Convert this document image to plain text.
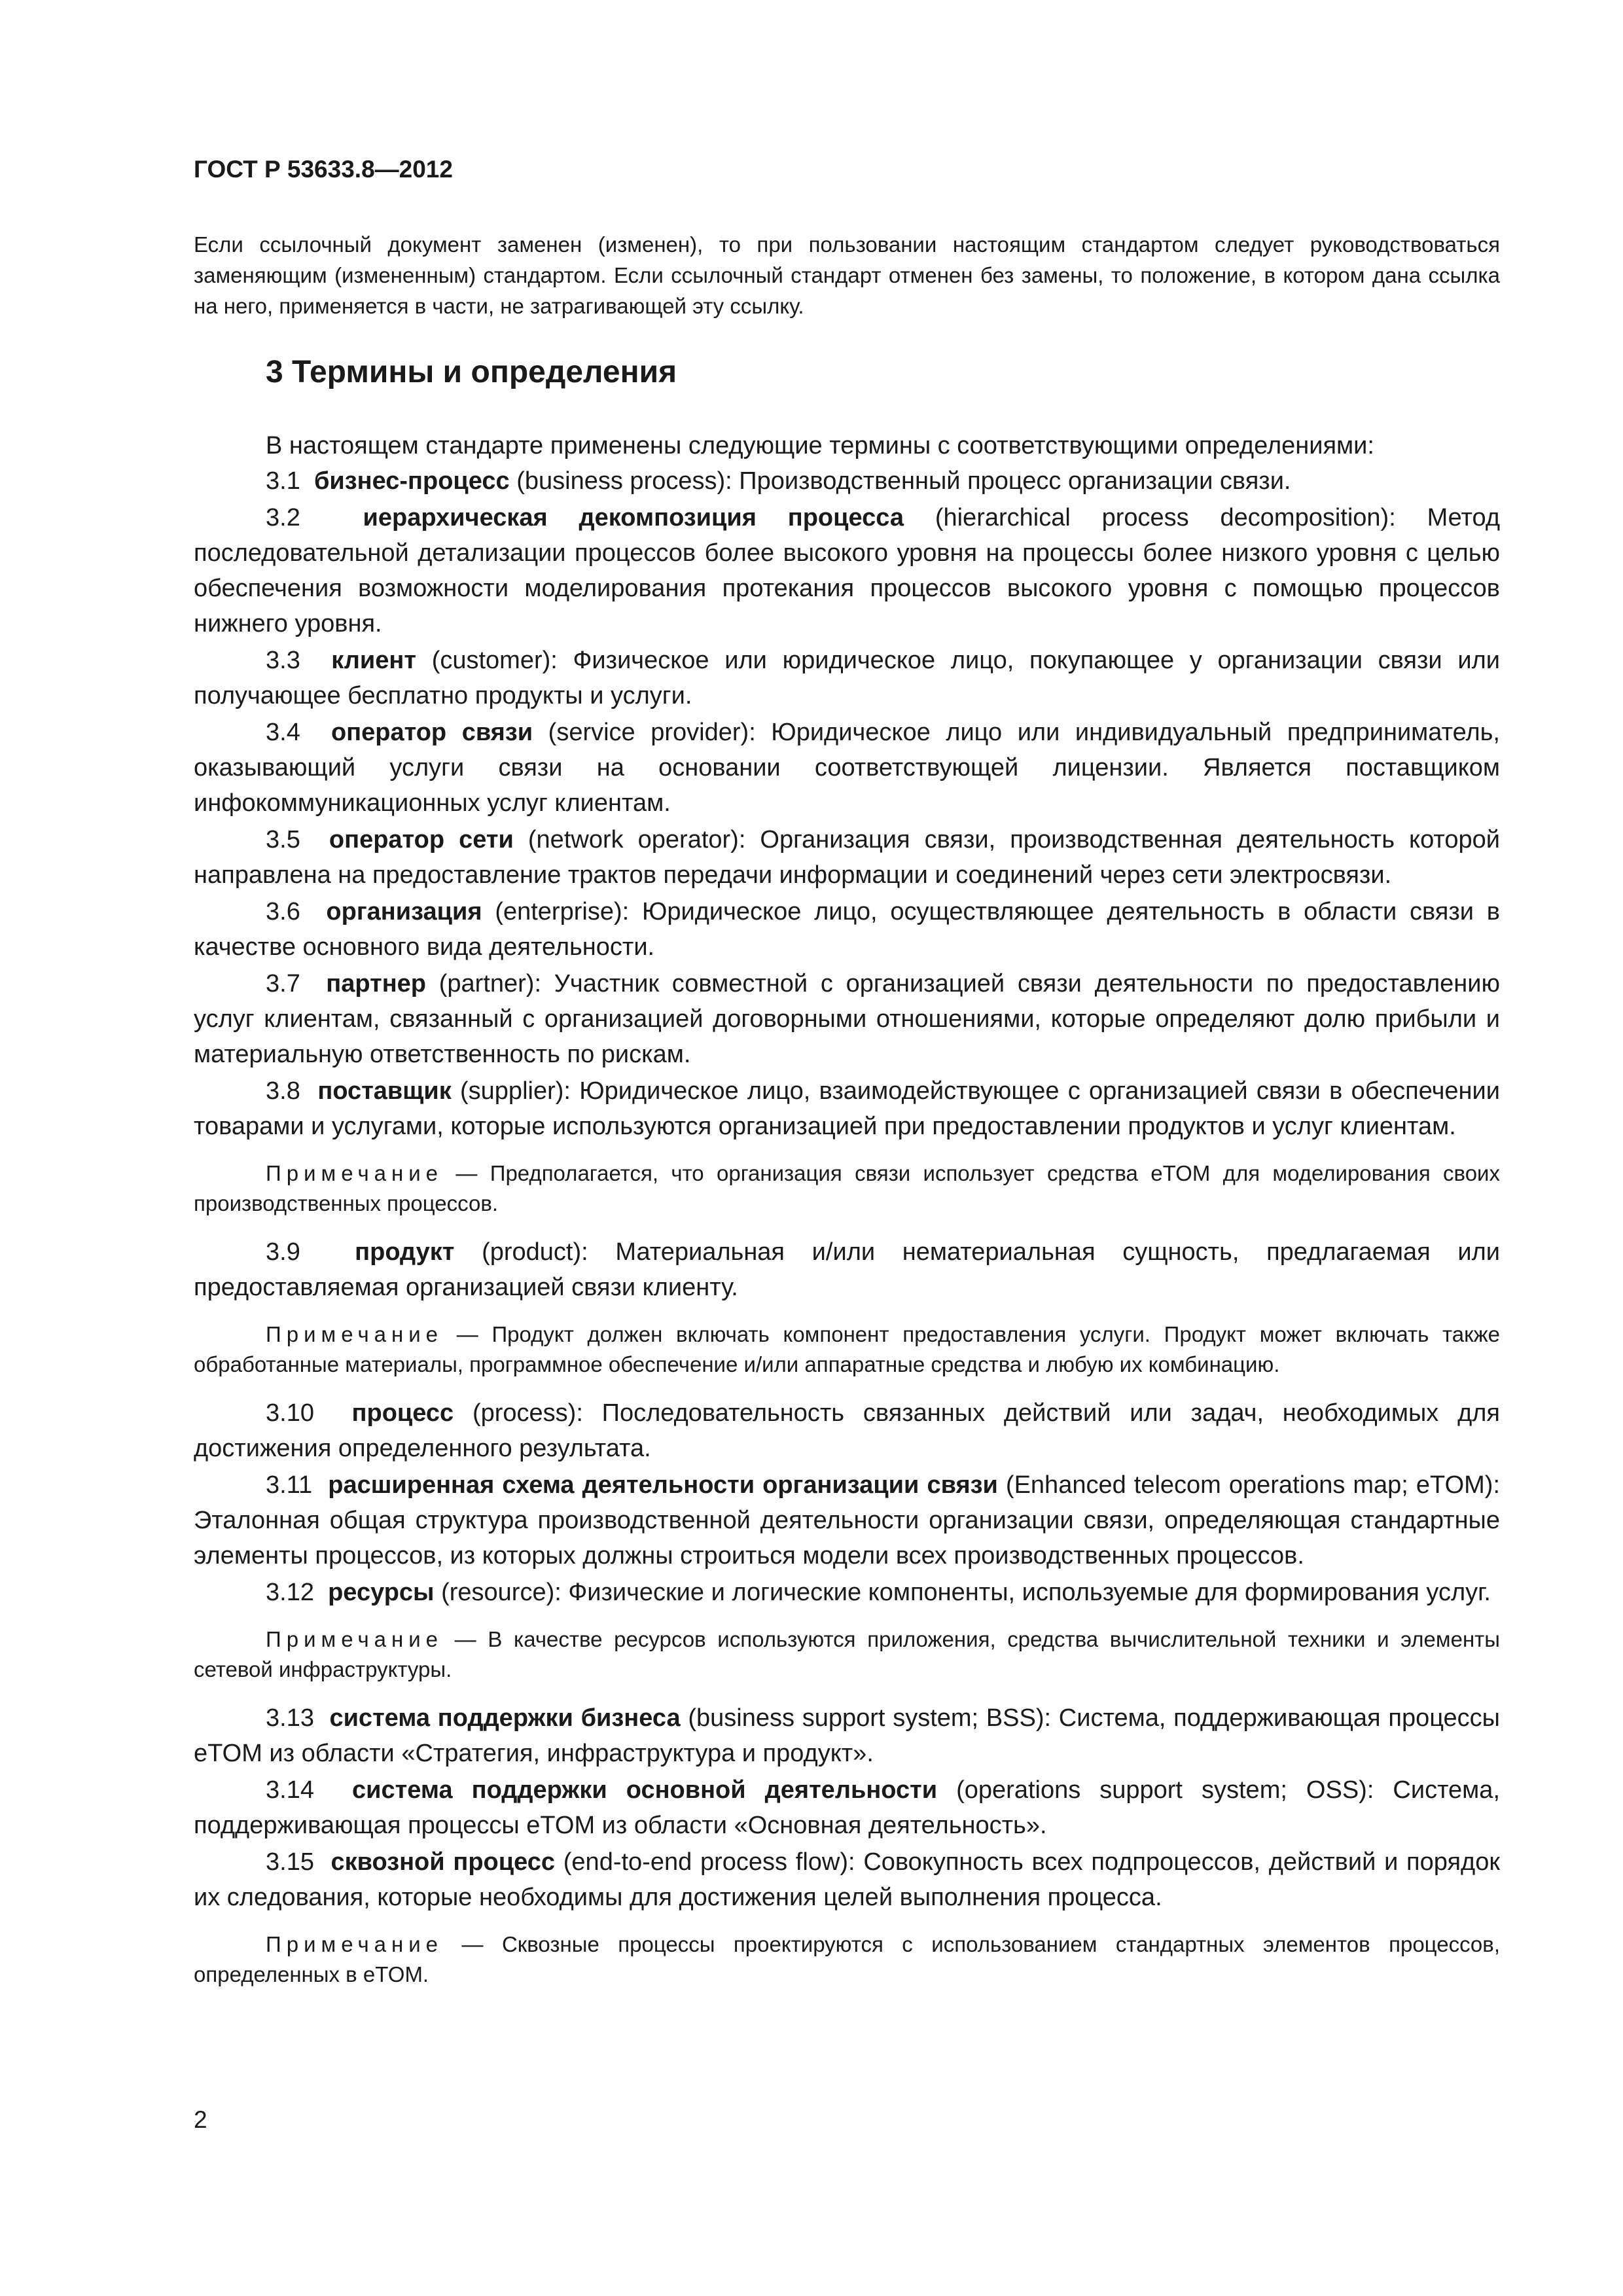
ГОСТ Р 53633.8—2012
Если ссылочный документ заменен (изменен), то при пользовании настоящим стандартом следует руководствоваться заменяющим (измененным) стандартом. Если ссылочный стандарт отменен без замены, то положение, в котором дана ссылка на него, применяется в части, не затрагивающей эту ссылку.
3 Термины и определения

В настоящем стандарте применены следующие термины с соответствующими определениями:

3.1 бизнес-процесс (business process): Производственный процесс организации связи.

3.2	иерархическая декомпозиция процесса (hierarchical process decomposition): Метод последовательной детализации процессов более высокого уровня на процессы более низкого уровня с целью обеспечения возможности моделирования протекания процессов высокого уровня с помощью процессов нижнего уровня.

3.3 клиент (customer): Физическое или юридическое лицо, покупающее у организации связи или получающее бесплатно продукты и услуги.

3.4 оператор связи (service provider): Юридическое лицо или индивидуальный предприниматель, оказывающий услуги связи на основании соответствующей лицензии. Является поставщиком инфокоммуникационных услуг клиентам.

3.5 оператор сети (network operator): Организация связи, производственная деятельность которой направлена на предоставление трактов передачи информации и соединений через сети электросвязи.

3.6 организация (enterprise): Юридическое лицо, осуществляющее деятельность в области связи в качестве основного вида деятельности.

3.7 партнер (partner): Участник совместной с организацией связи деятельности по предоставлению услуг клиентам, связанный с организацией договорными отношениями, которые определяют долю прибыли и материальную ответственность по рискам.

3.8 поставщик (supplier): Юридическое лицо, взаимодействующее с организацией связи в обеспечении товарами и услугами, которые используются организацией при предоставлении продуктов и услуг клиентам.

Примечание — Предполагается, что организация связи использует средства eTOM для моделирования своих производственных процессов.

3.9 продукт (product): Материальная и/или нематериальная сущность, предлагаемая или предоставляемая организацией связи клиенту.

Примечание — Продукт должен включать компонент предоставления услуги. Продукт может включать также обработанные материалы, программное обеспечение и/или аппаратные средства и любую их комбинацию.

3.10 процесс (process): Последовательность связанных действий или задач, необходимых для достижения определенного результата.

3.11 расширенная схема деятельности организации связи (Enhanced telecom operations map; eTOM): Эталонная общая структура производственной деятельности организации связи, определяющая стандартные элементы процессов, из которых должны строиться модели всех производственных процессов.

3.12 ресурсы (resource): Физические и логические компоненты, используемые для формирования услуг.

Примечание — В качестве ресурсов используются приложения, средства вычислительной техники и элементы сетевой инфраструктуры.

3.13 система поддержки бизнеса (business support system; BSS): Система, поддерживающая процессы eTOM из области «Стратегия, инфраструктура и продукт».

3.14 система поддержки основной деятельности (operations support system; OSS): Система, поддерживающая процессы eTOM из области «Основная деятельность».

3.15 сквозной процесс (end-to-end process flow): Совокупность всех подпроцессов, действий и порядок их следования, которые необходимы для достижения целей выполнения процесса.

Примечание — Сквозные процессы проектируются с использованием стандартных элементов процессов, определенных в eTOM.

2
